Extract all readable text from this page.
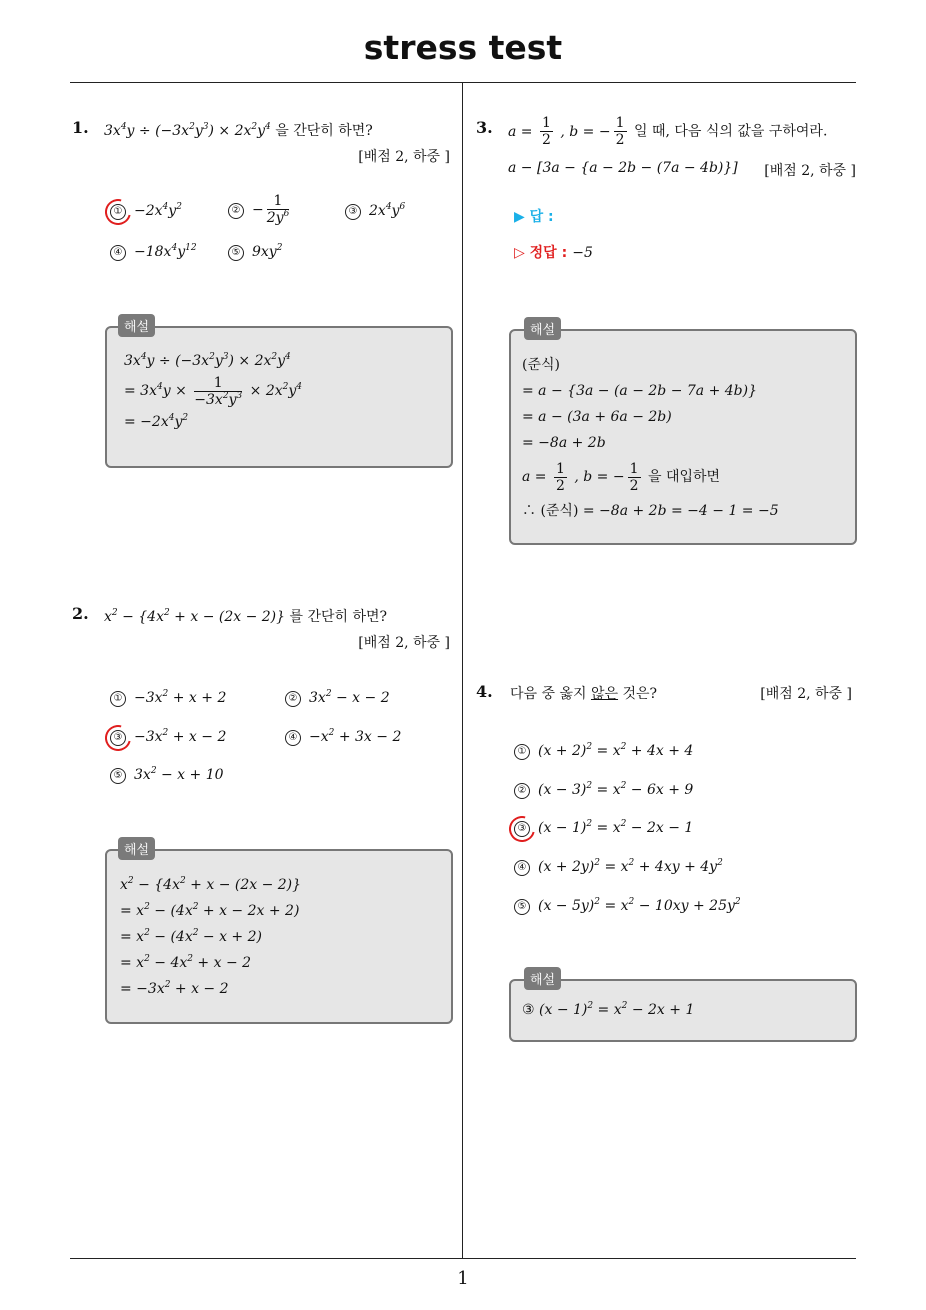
stress test
1
1. $3x^4y \div (-3x^2y^3) \times 2x^2y^4$ 을 간단히 하면?
[배점 2, 하중 ]
① $-2x^4y^2$	② − $\frac{1}{2y^6}$	③ $2x^4y^6$
④ $-18x^4y^{12}$	⑤ $9xy^2$
해설
$3x^4y \div (-3x^2y^3) \times 2x^2y^4$
= $3x^4y \times \frac{1}{-3x^2y^3} \times 2x^2y^4$
= $-2x^4y^2$
2. $x^2 - \{4x^2 + x - (2x - 2)\}$ 를 간단히 하면?
[배점 2, 하중 ]
① $-3x^2 + x + 2$	② $3x^2 - x - 2$
③ $-3x^2 + x - 2$	④ $-x^2 + 3x - 2$
⑤ $3x^2 - x + 10$
해설
$x^2 - \{4x^2 + x - (2x - 2)\}$
= $x^2 - (4x^2 + x - 2x + 2)$
= $x^2 - (4x^2 - x + 2)$
= $x^2 - 4x^2 + x - 2$
= $-3x^2 + x - 2$
3. $a = \frac{1}{2}$ , b = − $\frac{1}{2}$ 일 때, 다음 식의 값을 구하여라.
a − [3a − {a − 2b − (7a − 4b)}]	[배점 2, 하중 ]
▶ 답 :
▷ 정답 : −5
해설
(준식)
= a − {3a − (a − 2b − 7a + 4b)}
= a − (3a + 6a − 2b)
= −8a + 2b
$a = \frac{1}{2}$ , b = − $\frac{1}{2}$ 을 대입하면
∴ (준식) = −8a + 2b = −4 − 1 = −5
4. 다음 중 옳지 않은 것은?	[배점 2, 하중 ]
① $(x + 2)^2 = x^2 + 4x + 4$
② $(x - 3)^2 = x^2 - 6x + 9$
③ $(x - 1)^2 = x^2 - 2x - 1$
④ $(x + 2y)^2 = x^2 + 4xy + 4y^2$
⑤ $(x - 5y)^2 = x^2 - 10xy + 25y^2$
해설
③ $(x - 1)^2 = x^2 - 2x + 1$
